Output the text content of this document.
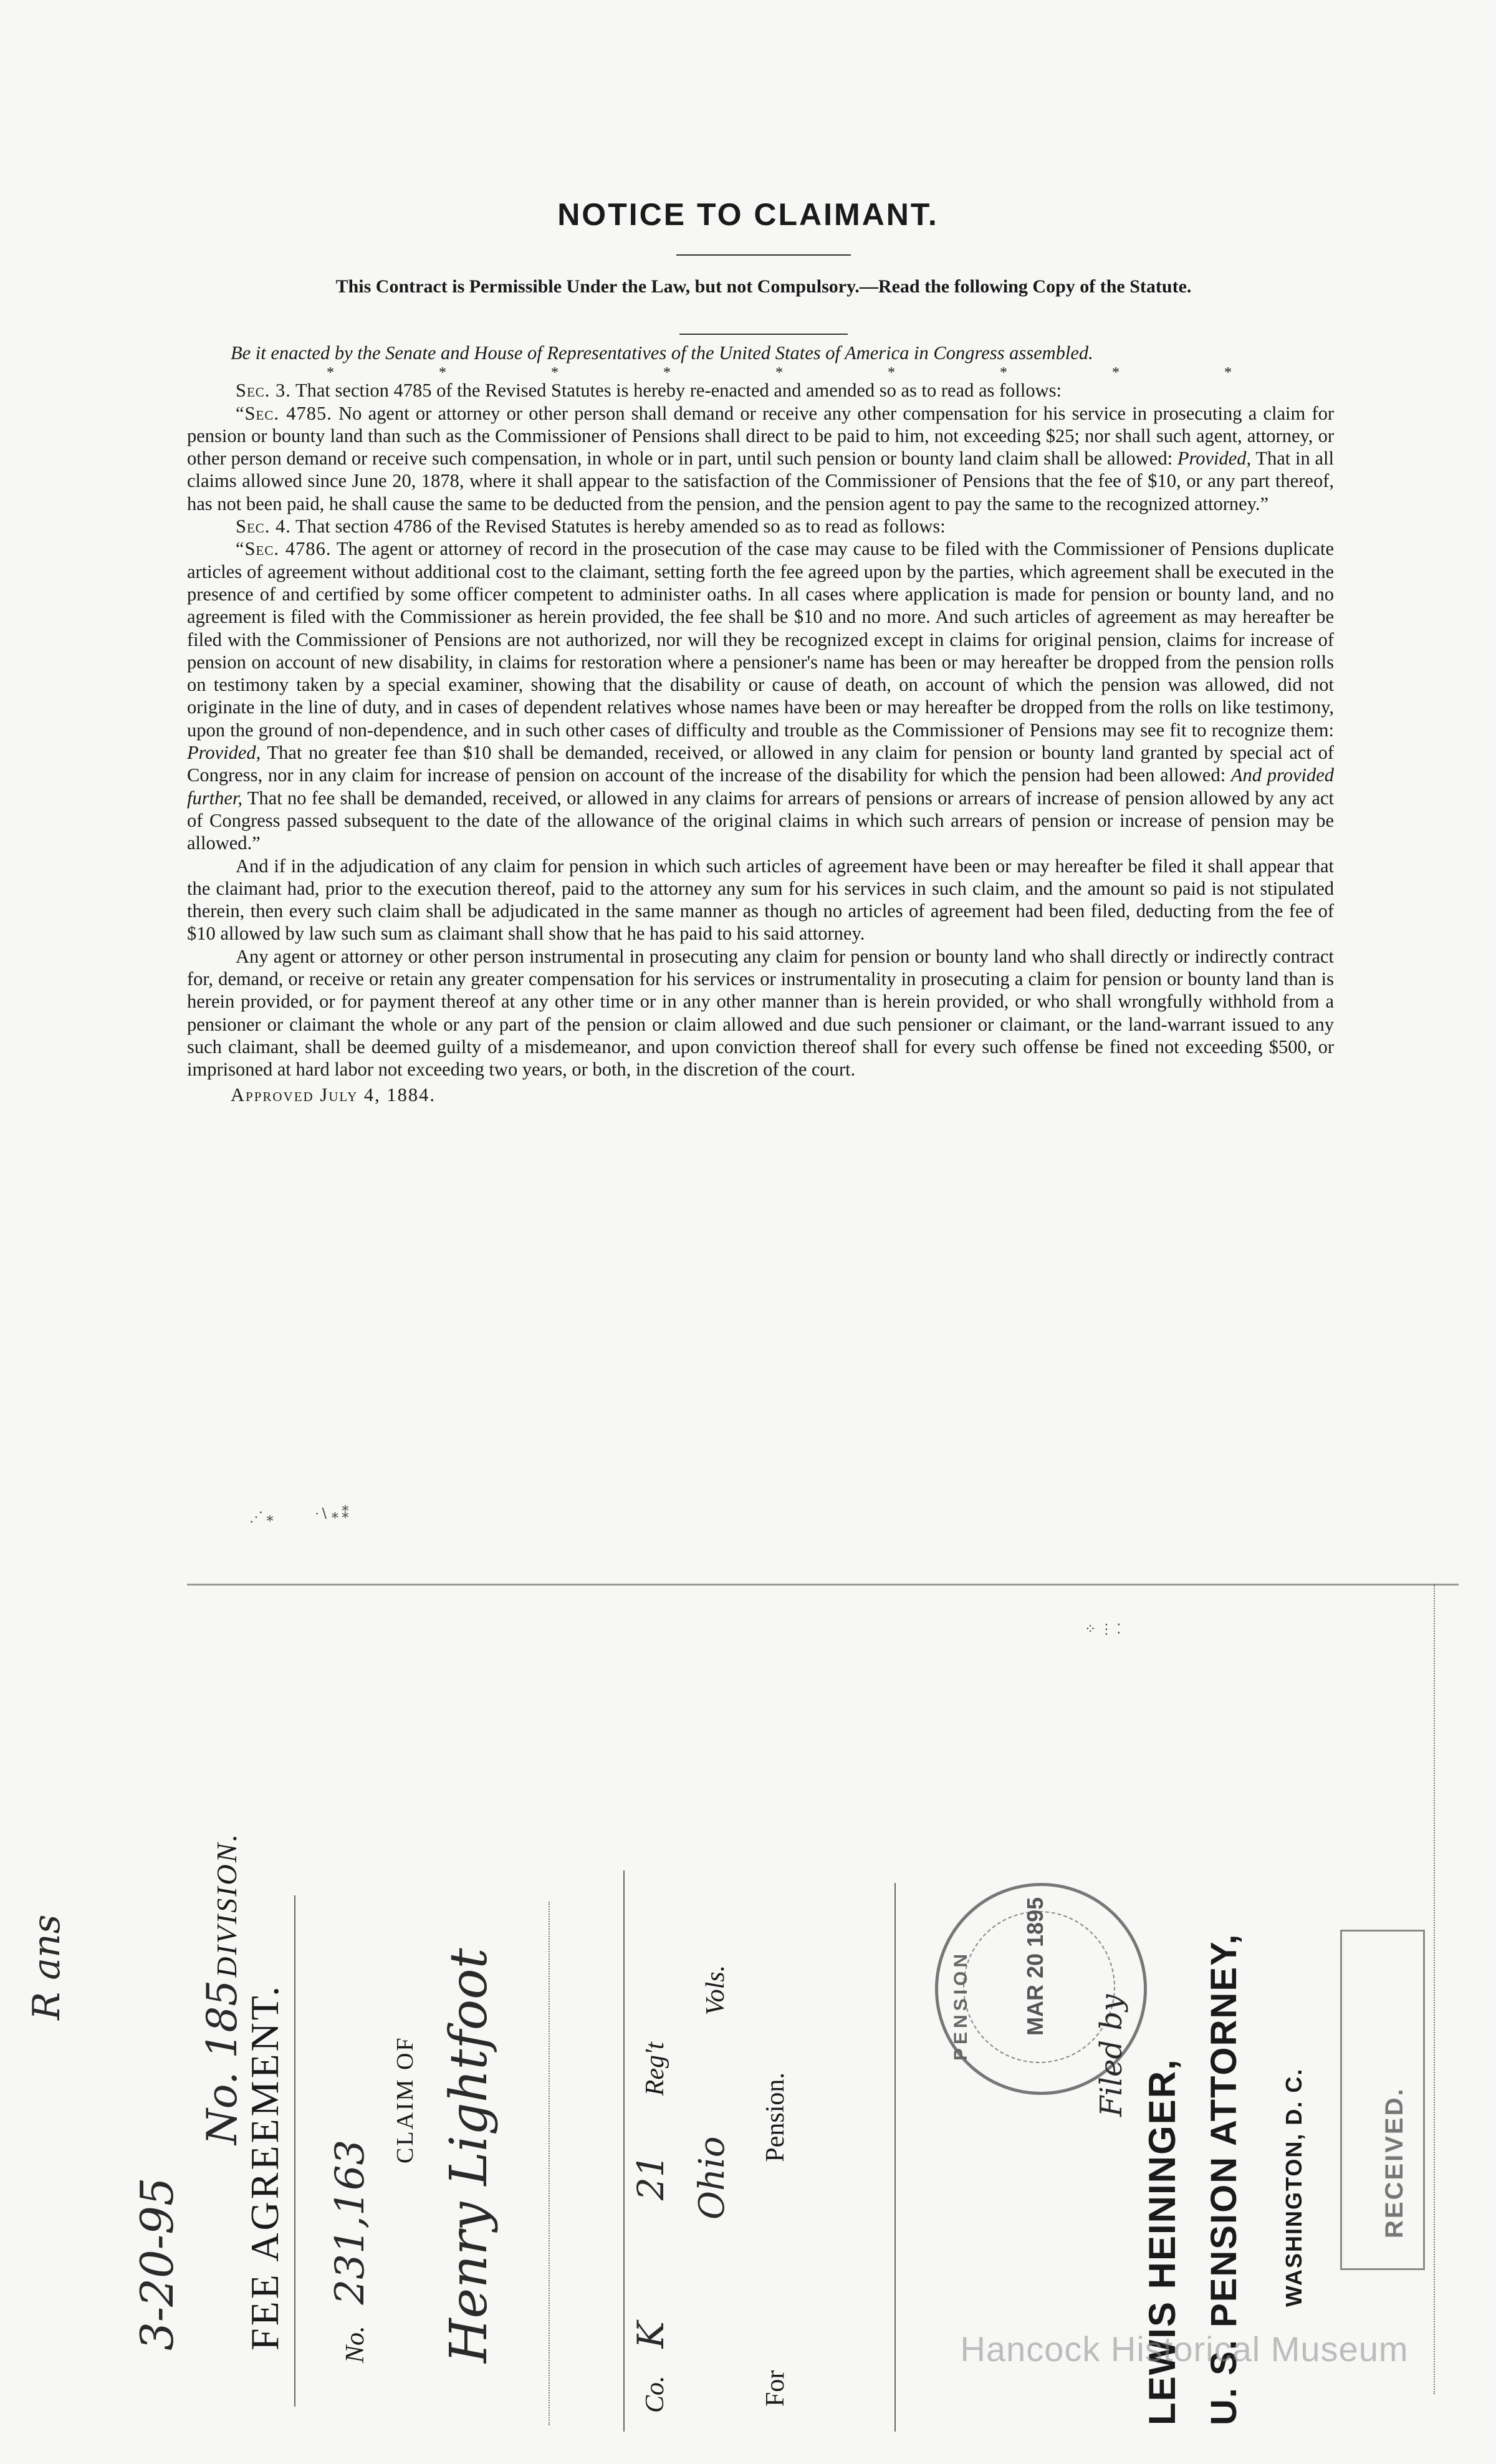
NOTICE TO CLAIMANT.
This Contract is Permissible Under the Law, but not Compulsory.—Read the following Copy of the Statute.

Be it enacted by the Senate and House of Representatives of the United States of America in Congress assembled.

*	*	*	*	*	*	*	*	*

Sec. 3. That section 4785 of the Revised Statutes is hereby re-enacted and amended so as to read as follows:

“Sec. 4785. No agent or attorney or other person shall demand or receive any other compensation for his service in prosecuting a claim for pension or bounty land than such as the Commissioner of Pensions shall direct to be paid to him, not exceeding $25; nor shall such agent, attorney, or other person demand or receive such compensation, in whole or in part, until such pension or bounty land claim shall be allowed: Provided, That in all claims allowed since June 20, 1878, where it shall appear to the satisfaction of the Commissioner of Pensions that the fee of $10, or any part thereof, has not been paid, he shall cause the same to be deducted from the pension, and the pension agent to pay the same to the recognized attorney.”

Sec. 4. That section 4786 of the Revised Statutes is hereby amended so as to read as follows:

“Sec. 4786. The agent or attorney of record in the prosecution of the case may cause to be filed with the Commissioner of Pensions duplicate articles of agreement without additional cost to the claimant, setting forth the fee agreed upon by the parties, which agreement shall be executed in the presence of and certified by some officer competent to administer oaths. In all cases where application is made for pension or bounty land, and no agreement is filed with the Commissioner as herein provided, the fee shall be $10 and no more. And such articles of agreement as may hereafter be filed with the Commissioner of Pensions are not authorized, nor will they be recognized except in claims for original pension, claims for increase of pension on account of new disability, in claims for restoration where a pensioner's name has been or may hereafter be dropped from the pension rolls on testimony taken by a special examiner, showing that the disability or cause of death, on account of which the pension was allowed, did not originate in the line of duty, and in cases of dependent relatives whose names have been or may hereafter be dropped from the rolls on like testimony, upon the ground of non-dependence, and in such other cases of difficulty and trouble as the Commissioner of Pensions may see fit to recognize them: Provided, That no greater fee than $10 shall be demanded, received, or allowed in any claim for pension or bounty land granted by special act of Congress, nor in any claim for increase of pension on account of the increase of the disability for which the pension had been allowed: And provided further, That no fee shall be demanded, received, or allowed in any claims for arrears of pensions or arrears of increase of pension allowed by any act of Congress passed subsequent to the date of the allowance of the original claims in which such arrears of pension or increase of pension may be allowed.”

And if in the adjudication of any claim for pension in which such articles of agreement have been or may hereafter be filed it shall appear that the claimant had, prior to the execution thereof, paid to the attorney any sum for his services in such claim, and the amount so paid is not stipulated therein, then every such claim shall be adjudicated in the same manner as though no articles of agreement had been filed, deducting from the fee of $10 allowed by law such sum as claimant shall show that he has paid to his said attorney.

Any agent or attorney or other person instrumental in prosecuting any claim for pension or bounty land who shall directly or indirectly contract for, demand, or receive or retain any greater compensation for his services or instrumentality in prosecuting a claim for pension or bounty land than is herein provided, or for payment thereof at any other time or in any other manner than is herein provided, or who shall wrongfully withhold from a pensioner or claimant the whole or any part of the pension or claim allowed and due such pensioner or claimant, or the land-warrant issued to any such claimant, shall be deemed guilty of a misdemeanor, and upon conviction thereof shall for every such offense be fined not exceeding $500, or imprisoned at hard labor not exceeding two years, or both, in the discretion of the court.

Approved July 4, 1884.

⋰ ⁎	·∖ ⁎ ⁑
⁘ ⋮ ⁚
R ans
3-20-95
No. 185 DIVISION.
FEE AGREEMENT.	No. 231,163
CLAIM OF Henry Lightfoot
Co. K 21 Reg't
Ohio Vols.
For Pension.
PENSION MAR 20 1895
Filed by
LEWIS HEININGER, U. S. PENSION ATTORNEY, WASHINGTON, D. C.	RECEIVED.
Hancock Historical Museum
